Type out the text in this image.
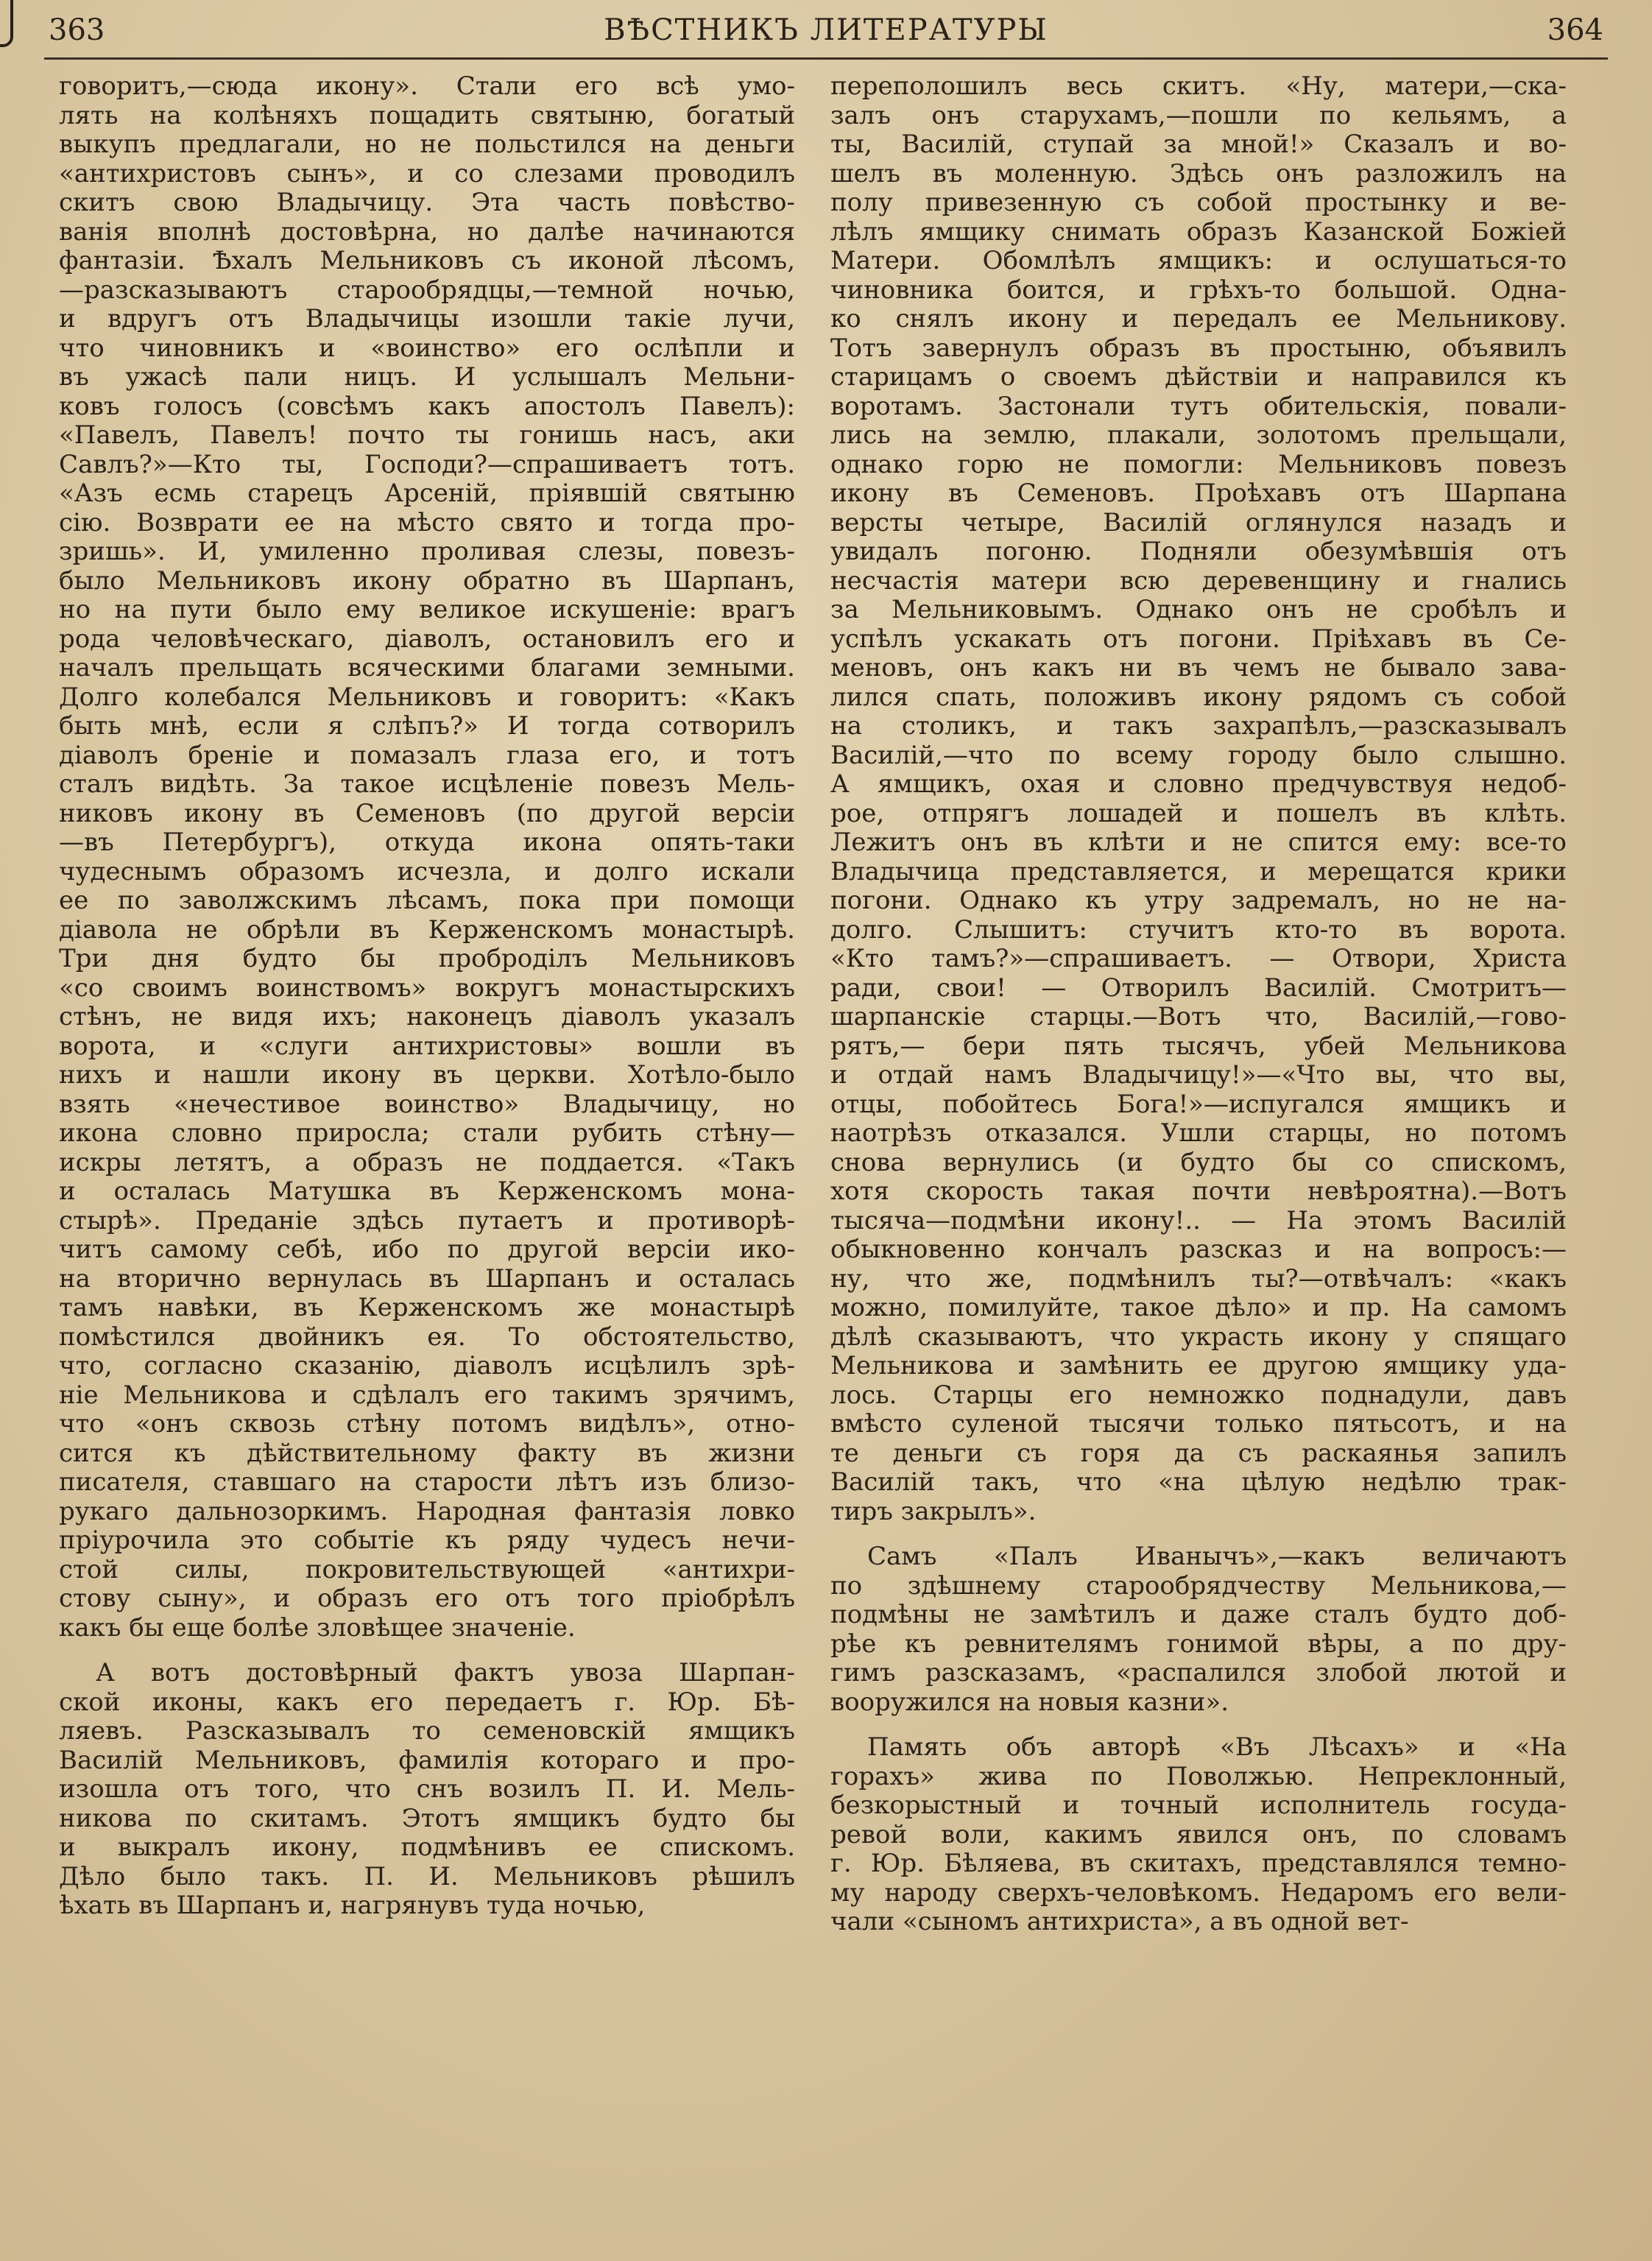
363	ВѢСТНИКЪ ЛИТЕРАТУРЫ	364
говоритъ,—сюда икону». Стали его всѣ умо-
лять на колѣняхъ пощадить святыню, богатый
выкупъ предлагали, но не польстился на деньги
«антихристовъ сынъ», и со слезами проводилъ
скитъ свою Владычицу. Эта часть повѣство-
ванія вполнѣ достовѣрна, но далѣе начинаются
фантазіи. Ѣхалъ Мельниковъ съ иконой лѣсомъ,
—разсказываютъ старообрядцы,—темной ночью,
и вдругъ отъ Владычицы изошли такіе лучи,
что чиновникъ и «воинство» его ослѣпли и
въ ужасѣ пали ницъ. И услышалъ Мельни-
ковъ голосъ (совсѣмъ какъ апостолъ Павелъ):
«Павелъ, Павелъ! почто ты гонишь насъ, аки
Савлъ?»—Кто ты, Господи?—спрашиваетъ тотъ.
«Азъ есмь старецъ Арсеній, пріявшій святыню
сію. Возврати ее на мѣсто свято и тогда про-
зришь». И, умиленно проливая слезы, повезъ-
было Мельниковъ икону обратно въ Шарпанъ,
но на пути было ему великое искушеніе: врагъ
рода человѣческаго, діаволъ, остановилъ его и
началъ прельщать всяческими благами земными.
Долго колебался Мельниковъ и говоритъ: «Какъ
быть мнѣ, если я слѣпъ?» И тогда сотворилъ
діаволъ бреніе и помазалъ глаза его, и тотъ
сталъ видѣть. За такое исцѣленіе повезъ Мель-
никовъ икону въ Семеновъ (по другой версіи
—въ Петербургъ), откуда икона опять-таки
чудеснымъ образомъ исчезла, и долго искали
ее по заволжскимъ лѣсамъ, пока при помощи
діавола не обрѣли въ Керженскомъ монастырѣ.
Три дня будто бы проброділъ Мельниковъ
«со своимъ воинствомъ» вокругъ монастырскихъ
стѣнъ, не видя ихъ; наконецъ діаволъ указалъ
ворота, и «слуги антихристовы» вошли въ
нихъ и нашли икону въ церкви. Хотѣло-было
взять «нечестивое воинство» Владычицу, но
икона словно приросла; стали рубить стѣну—
искры летятъ, а образъ не поддается. «Такъ
и осталась Матушка въ Керженскомъ мона-
стырѣ». Преданіе здѣсь путаетъ и противорѣ-
читъ самому себѣ, ибо по другой версіи ико-
на вторично вернулась въ Шарпанъ и осталась
тамъ навѣки, въ Керженскомъ же монастырѣ
помѣстился двойникъ ея. То обстоятельство,
что, согласно сказанію, діаволъ исцѣлилъ зрѣ-
ніе Мельникова и сдѣлалъ его такимъ зрячимъ,
что «онъ сквозь стѣну потомъ видѣлъ», отно-
сится къ дѣйствительному факту въ жизни
писателя, ставшаго на старости лѣтъ изъ близо-
рукаго дальнозоркимъ. Народная фантазія ловко
пріурочила это событіе къ ряду чудесъ нечи-
стой силы, покровительствующей «антихри-
стову сыну», и образъ его отъ того пріобрѣлъ
какъ бы еще болѣе зловѣщее значеніе.
А вотъ достовѣрный фактъ увоза Шарпан-
ской иконы, какъ его передаетъ г. Юр. Бѣ-
ляевъ. Разсказывалъ то семеновскій ямщикъ
Василій Мельниковъ, фамилія котораго и про-
изошла отъ того, что снъ возилъ П. И. Мель-
никова по скитамъ. Этотъ ямщикъ будто бы
и выкралъ икону, подмѣнивъ ее спискомъ.
Дѣло было такъ. П. И. Мельниковъ рѣшилъ
ѣхать въ Шарпанъ и, нагрянувъ туда ночью,
переполошилъ весь скитъ. «Ну, матери,—ска-
залъ онъ старухамъ,—пошли по кельямъ, а
ты, Василій, ступай за мной!» Сказалъ и во-
шелъ въ моленную. Здѣсь онъ разложилъ на
полу привезенную съ собой простынку и ве-
лѣлъ ямщику снимать образъ Казанской Божіей
Матери. Обомлѣлъ ямщикъ: и ослушаться-то
чиновника боится, и грѣхъ-то большой. Одна-
ко снялъ икону и передалъ ее Мельникову.
Тотъ завернулъ образъ въ простыню, объявилъ
старицамъ о своемъ дѣйствіи и направился къ
воротамъ. Застонали тутъ обительскія, повали-
лись на землю, плакали, золотомъ прельщали,
однако горю не помогли: Мельниковъ повезъ
икону въ Семеновъ. Проѣхавъ отъ Шарпана
версты четыре, Василій оглянулся назадъ и
увидалъ погоню. Подняли обезумѣвшія отъ
несчастія матери всю деревенщину и гнались
за Мельниковымъ. Однако онъ не сробѣлъ и
успѣлъ ускакать отъ погони. Пріѣхавъ въ Се-
меновъ, онъ какъ ни въ чемъ не бывало зава-
лился спать, положивъ икону рядомъ съ собой
на столикъ, и такъ захрапѣлъ,—разсказывалъ
Василій,—что по всему городу было слышно.
А ямщикъ, охая и словно предчувствуя недоб-
рое, отпрягъ лошадей и пошелъ въ клѣть.
Лежитъ онъ въ клѣти и не спится ему: все-то
Владычица представляется, и мерещатся крики
погони. Однако къ утру задремалъ, но не на-
долго. Слышитъ: стучитъ кто-то въ ворота.
«Кто тамъ?»—спрашиваетъ. — Отвори, Христа
ради, свои! — Отворилъ Василій. Смотритъ—
шарпанскіе старцы.—Вотъ что, Василій,—гово-
рятъ,— бери пять тысячъ, убей Мельникова
и отдай намъ Владычицу!»—«Что вы, что вы,
отцы, побойтесь Бога!»—испугался ямщикъ и
наотрѣзъ отказался. Ушли старцы, но потомъ
снова вернулись (и будто бы со спискомъ,
хотя скорость такая почти невѣроятна).—Вотъ
тысяча—подмѣни икону!.. — На этомъ Василій
обыкновенно кончалъ разсказ и на вопросъ:—
ну, что же, подмѣнилъ ты?—отвѣчалъ: «какъ
можно, помилуйте, такое дѣло» и пр. На самомъ
дѣлѣ сказываютъ, что украсть икону у спящаго
Мельникова и замѣнить ее другою ямщику уда-
лось. Старцы его немножко поднадули, давъ
вмѣсто суленой тысячи только пятьсотъ, и на
те деньги съ горя да съ раскаянья запилъ
Василій такъ, что «на цѣлую недѣлю трак-
тиръ закрылъ».
Самъ «Палъ Иванычъ»,—какъ величаютъ
по здѣшнему старообрядчеству Мельникова,—
подмѣны не замѣтилъ и даже сталъ будто доб-
рѣе къ ревнителямъ гонимой вѣры, а по дру-
гимъ разсказамъ, «распалился злобой лютой и
вооружился на новыя казни».
Память объ авторѣ «Въ Лѣсахъ» и «На
горахъ» жива по Поволжью. Непреклонный,
безкорыстный и точный исполнитель госуда-
ревой воли, какимъ явился онъ, по словамъ
г. Юр. Бѣляева, въ скитахъ, представлялся темно-
му народу сверхъ-человѣкомъ. Недаромъ его вели-
чали «сыномъ антихриста», а въ одной вет-
